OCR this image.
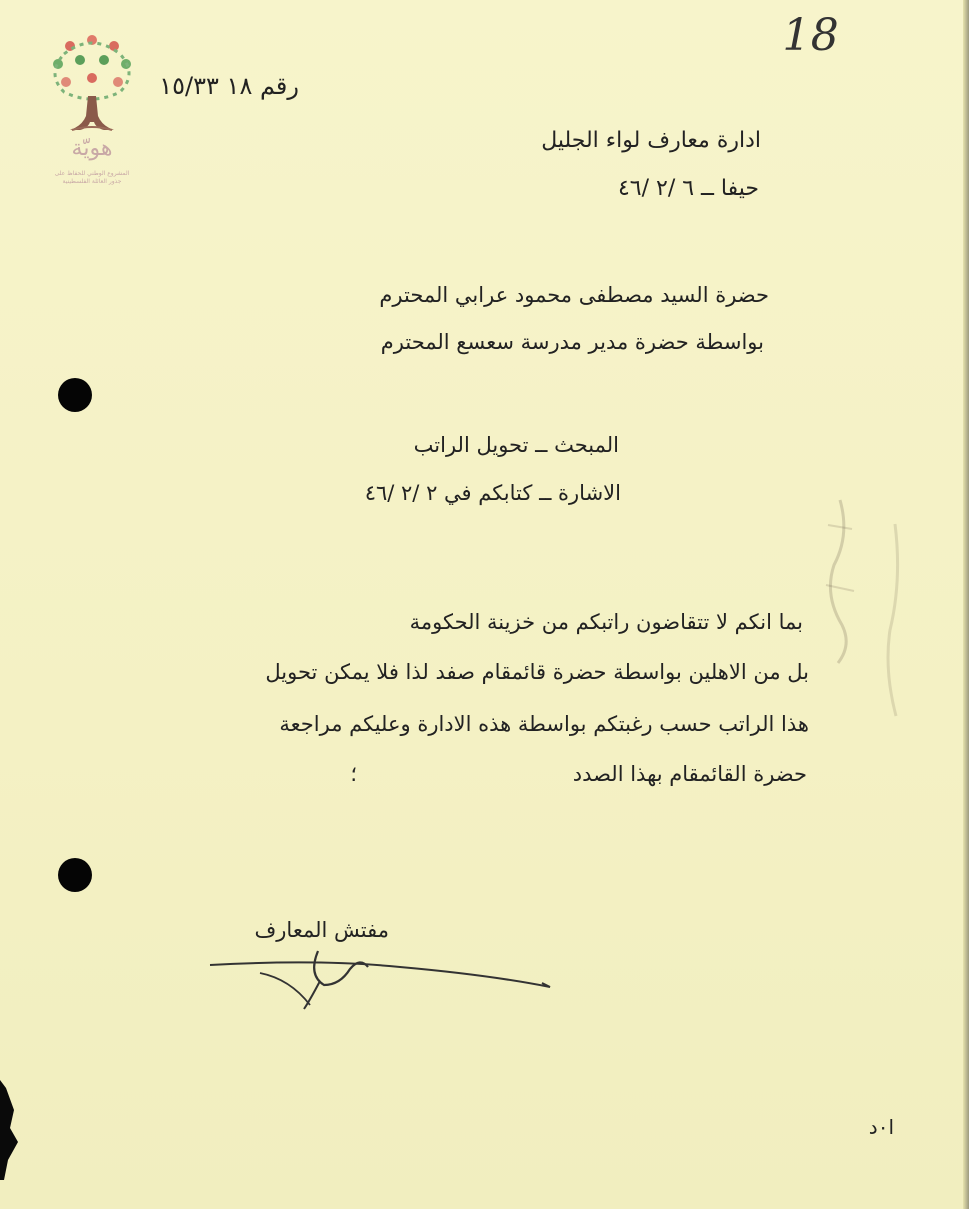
هويّة
المشروع الوطني للحفاظ على
جذور العائلة الفلسطينية
18
رقم ١٨ ١٥/٣٣
ادارة معارف لواء الجليل
حيفا ــ ٦ /٢ /٤٦
حضرة السيد مصطفى محمود عرابي المحترم
بواسطة حضرة مدير مدرسة سعسع المحترم
المبحث ــ تحويل الراتب
الاشارة ــ كتابكم في ٢ /٢ /٤٦
بما انكم لا تتقاضون راتبكم من خزينة الحكومة
بل من الاهلين بواسطة حضرة قائمقام صفد لذا فلا يمكن تحويل
هذا الراتب حسب رغبتكم بواسطة هذه الادارة وعليكم مراجعة
حضرة القائمقام بهذا الصدد
؛
مفتش المعارف
ا٠د
